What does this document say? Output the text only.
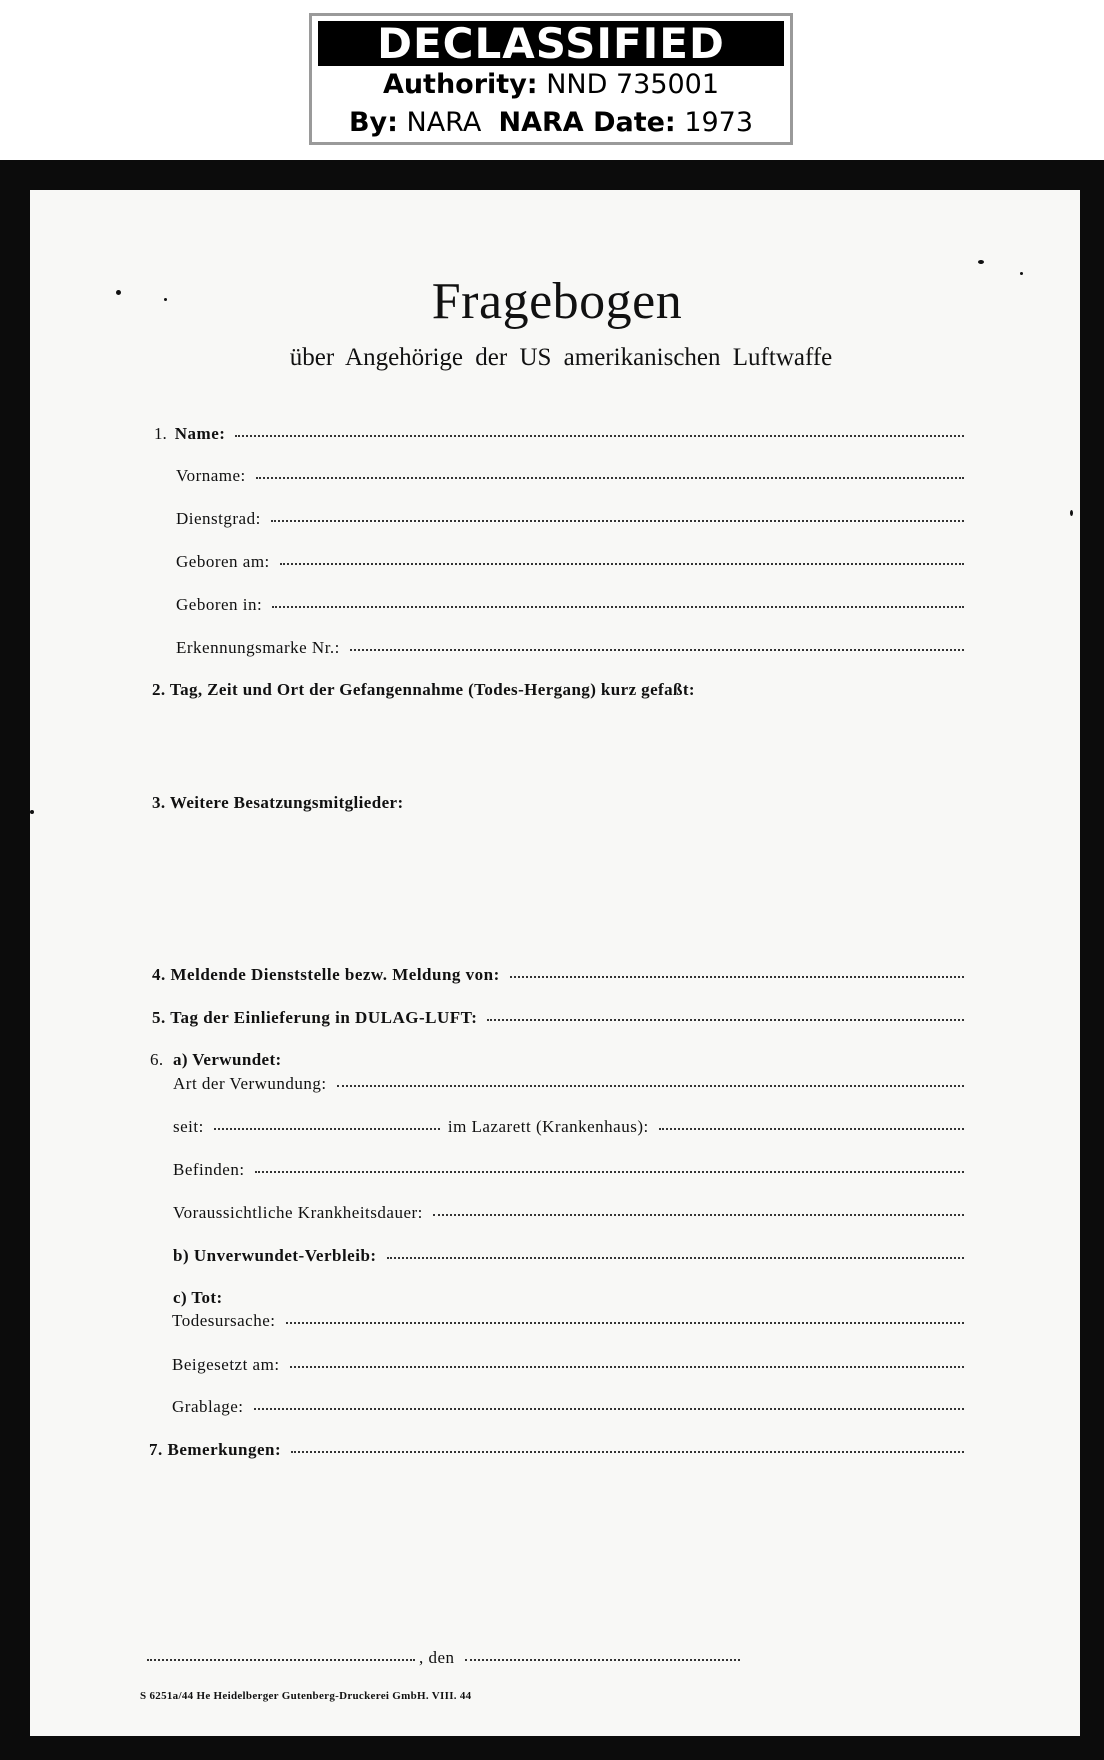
DECLASSIFIED
Authority: NND 735001
By: NARA NARA Date: 1973
Fragebogen
über Angehörige der US amerikanischen Luftwaffe
1. Name:
Vorname:
Dienstgrad:
Geboren am:
Geboren in:
Erkennungsmarke Nr.:
2. Tag, Zeit und Ort der Gefangennahme (Todes-Hergang) kurz gefaßt:
3. Weitere Besatzungsmitglieder:
4. Meldende Dienststelle bezw. Meldung von:
5. Tag der Einlieferung in DULAG-LUFT:
6. a) Verwundet:
Art der Verwundung:
seit:	im Lazarett (Krankenhaus):
Befinden:
Voraussichtliche Krankheitsdauer:
b) Unverwundet-Verbleib:
c) Tot:
Todesursache:
Beigesetzt am:
Grablage:
7. Bemerkungen:
, den
S 6251a/44 He Heidelberger Gutenberg-Druckerei GmbH. VIII. 44
